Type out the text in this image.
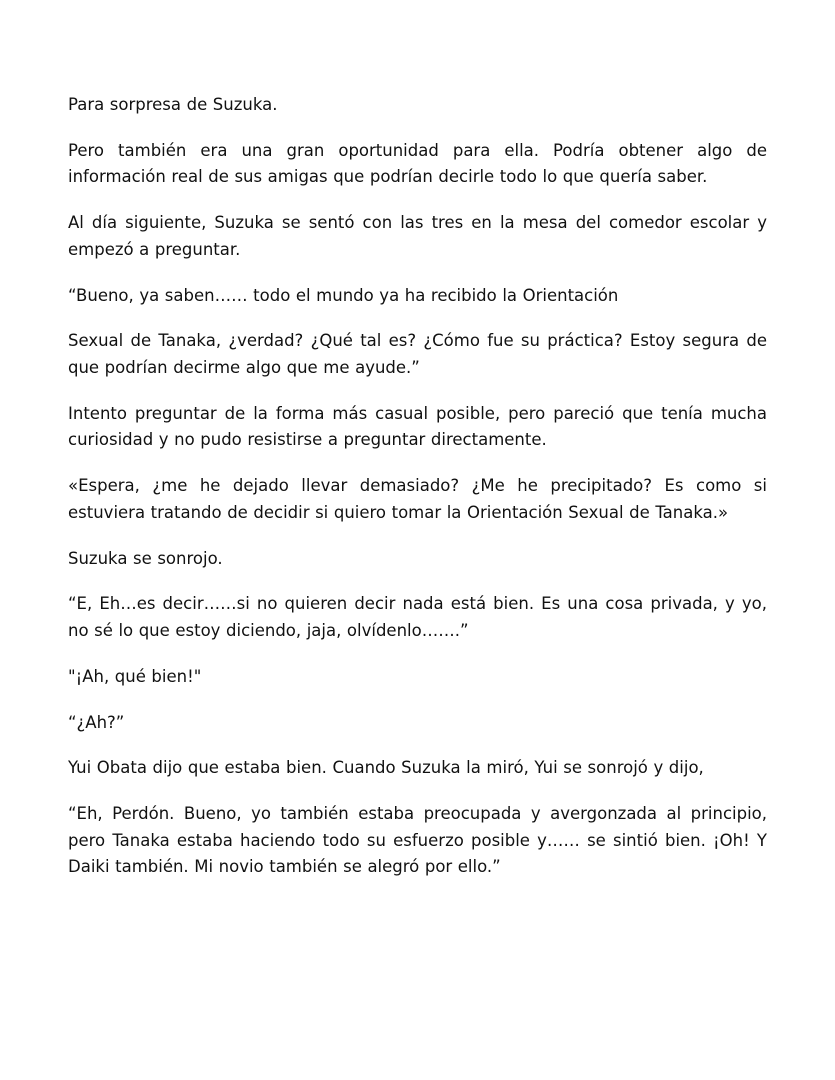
Para sorpresa de Suzuka.

Pero también era una gran oportunidad para ella. Podría obtener algo de información real de sus amigas que podrían decirle todo lo que quería saber.

Al día siguiente, Suzuka se sentó con las tres en la mesa del comedor escolar y empezó a preguntar.

“Bueno, ya saben…… todo el mundo ya ha recibido la Orientación

Sexual de Tanaka, ¿verdad? ¿Qué tal es? ¿Cómo fue su práctica? Estoy segura de que podrían decirme algo que me ayude.”

Intento preguntar de la forma más casual posible, pero pareció que tenía mucha curiosidad y no pudo resistirse a preguntar directamente.

«Espera, ¿me he dejado llevar demasiado? ¿Me he precipitado? Es como si estuviera tratando de decidir si quiero tomar la Orientación Sexual de Tanaka.»

Suzuka se sonrojo.

“E, Eh…es decir……si no quieren decir nada está bien. Es una cosa privada, y yo, no sé lo que estoy diciendo, jaja, olvídenlo…….”

"¡Ah, qué bien!"

“¿Ah?”

Yui Obata dijo que estaba bien. Cuando Suzuka la miró, Yui se sonrojó y dijo,

“Eh, Perdón. Bueno, yo también estaba preocupada y avergonzada al principio, pero Tanaka estaba haciendo todo su esfuerzo posible y…… se sintió bien. ¡Oh! Y Daiki también. Mi novio también se alegró por ello.”
